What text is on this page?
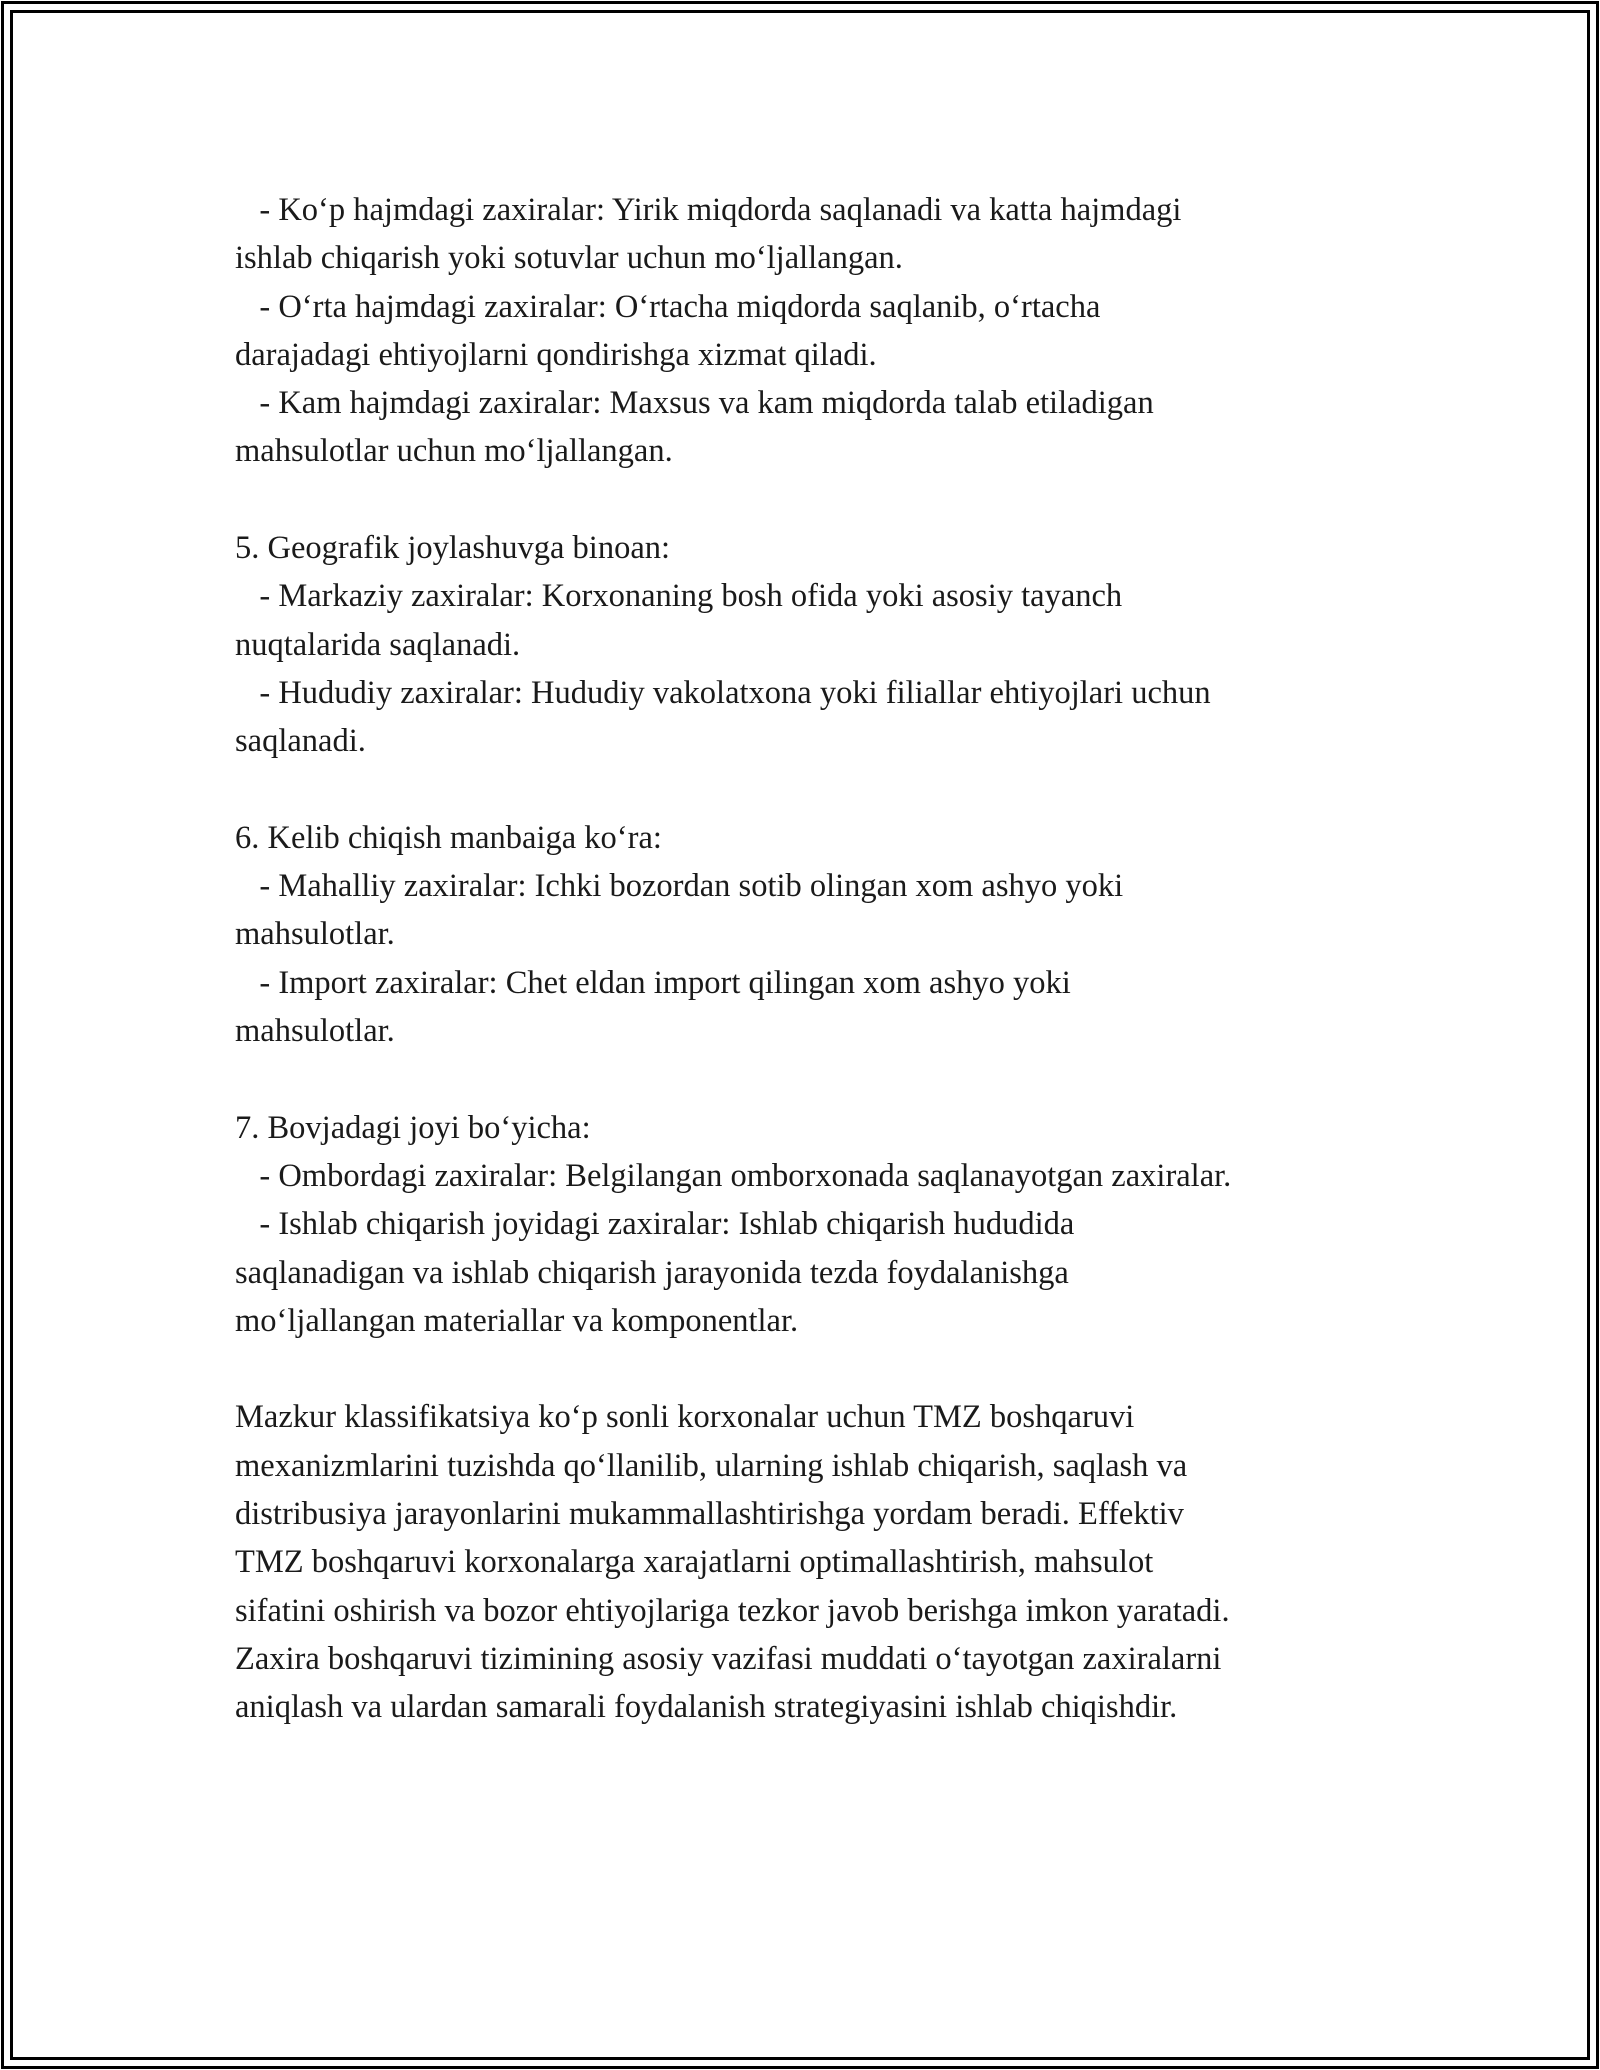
- Koʻp hajmdagi zaxiralar: Yirik miqdorda saqlanadi va katta hajmdagi
ishlab chiqarish yoki sotuvlar uchun moʻljallangan.
- Oʻrta hajmdagi zaxiralar: Oʻrtacha miqdorda saqlanib, oʻrtacha
darajadagi ehtiyojlarni qondirishga xizmat qiladi.
- Kam hajmdagi zaxiralar: Maxsus va kam miqdorda talab etiladigan
mahsulotlar uchun moʻljallangan.
5. Geografik joylashuvga binoan:
- Markaziy zaxiralar: Korxonaning bosh ofida yoki asosiy tayanch
nuqtalarida saqlanadi.
- Hududiy zaxiralar: Hududiy vakolatxona yoki filiallar ehtiyojlari uchun
saqlanadi.
6. Kelib chiqish manbaiga koʻra:
- Mahalliy zaxiralar: Ichki bozordan sotib olingan xom ashyo yoki
mahsulotlar.
- Import zaxiralar: Chet eldan import qilingan xom ashyo yoki
mahsulotlar.
7. Bovjadagi joyi boʻyicha:
- Ombordagi zaxiralar: Belgilangan omborxonada saqlanayotgan zaxiralar.
- Ishlab chiqarish joyidagi zaxiralar: Ishlab chiqarish hududida
saqlanadigan va ishlab chiqarish jarayonida tezda foydalanishga
moʻljallangan materiallar va komponentlar.
Mazkur klassifikatsiya koʻp sonli korxonalar uchun TMZ boshqaruvi
mexanizmlarini tuzishda qoʻllanilib, ularning ishlab chiqarish, saqlash va
distribusiya jarayonlarini mukammallashtirishga yordam beradi. Effektiv
TMZ boshqaruvi korxonalarga xarajatlarni optimallashtirish, mahsulot
sifatini oshirish va bozor ehtiyojlariga tezkor javob berishga imkon yaratadi.
Zaxira boshqaruvi tizimining asosiy vazifasi muddati oʻtayotgan zaxiralarni
aniqlash va ulardan samarali foydalanish strategiyasini ishlab chiqishdir.
